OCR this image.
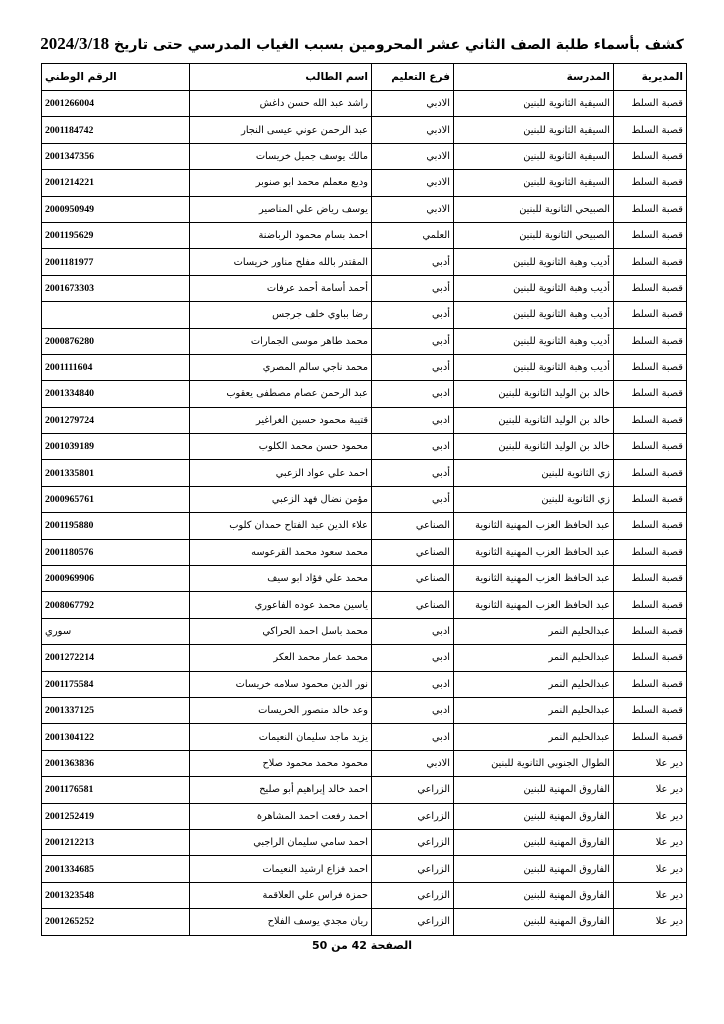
كشف بأسماء طلبة الصف الثاني عشر المحرومين بسبب الغياب المدرسي حتى تاريخ 2024/3/18
المديرية	المدرسة	فرع التعليم	اسم الطالب	الرقم الوطني
قصبة السلط	السيفية الثانوية للبنين	الادبي	راشد عبد الله حسن داغش	2001266004
قصبة السلط	السيفية الثانوية للبنين	الادبي	عبد الرحمن عوني عيسى النجار	2001184742
قصبة السلط	السيفية الثانوية للبنين	الادبي	مالك يوسف جميل خريسات	2001347356
قصبة السلط	السيفية الثانوية للبنين	الادبي	وديع معملم محمد ابو صنوبر	2001214221
قصبة السلط	الصبيحي الثانوية للبنين	الادبي	يوسف رياض علي المناصير	2000950949
قصبة السلط	الصبيحي الثانوية للبنين	العلمي	احمد بسام محمود الرباضنة	2001195629
قصبة السلط	أديب وهبة الثانوية للبنين	أدبي	المقتدر بالله مفلح مناور خريسات	2001181977
قصبة السلط	أديب وهبة الثانوية للبنين	أدبي	أحمد أسامة أحمد عرفات	2001673303
قصبة السلط	أديب وهبة الثانوية للبنين	أدبي	رضا بباوي خلف جرجس	
قصبة السلط	أديب وهبة الثانوية للبنين	أدبي	محمد طاهر موسى الجمارات	2000876280
قصبة السلط	أديب وهبة الثانوية للبنين	أدبي	محمد ناجي سالم المصري	2001111604
قصبة السلط	خالد بن الوليد الثانوية للبنين	ادبي	عبد الرحمن عصام مصطفى يعقوب	2001334840
قصبة السلط	خالد بن الوليد الثانوية للبنين	ادبي	قتيبة محمود حسين الغراغير	2001279724
قصبة السلط	خالد بن الوليد الثانوية للبنين	ادبي	محمود حسن محمد الكلوب	2001039189
قصبة السلط	زي الثانوية للبنين	أدبي	احمد علي عواد الزعبي	2001335801
قصبة السلط	زي الثانوية للبنين	أدبي	مؤمن نضال فهد الزعبي	2000965761
قصبة السلط	عبد الحافظ العزب المهنية الثانوية	الصناعي	علاء الدين عبد الفتاح حمدان كلوب	2001195880
قصبة السلط	عبد الحافظ العزب المهنية الثانوية	الصناعي	محمد سعود محمد القرعوسه	2001180576
قصبة السلط	عبد الحافظ العزب المهنية الثانوية	الصناعي	محمد علي فؤاد ابو سيف	2000969906
قصبة السلط	عبد الحافظ العزب المهنية الثانوية	الصناعي	ياسين محمد عوده الفاعوري	2008067792
قصبة السلط	عبدالحليم النمر	ادبي	محمد باسل احمد الحراكي	سوري
قصبة السلط	عبدالحليم النمر	ادبي	محمد عمار محمد العكر	2001272214
قصبة السلط	عبدالحليم النمر	ادبي	نور الدين محمود سلامه خريسات	2001175584
قصبة السلط	عبدالحليم النمر	ادبي	وعد خالد منصور الخريسات	2001337125
قصبة السلط	عبدالحليم النمر	ادبي	يزيد ماجد سليمان النعيمات	2001304122
دير علا	الطوال الجنوبي الثانوية للبنين	الادبي	محمود محمد محمود صلاح	2001363836
دير علا	الفاروق المهنية للبنين	الزراعي	احمد خالد إبراهيم أبو صليح	2001176581
دير علا	الفاروق المهنية للبنين	الزراعي	احمد رفعت احمد المشاهرة	2001252419
دير علا	الفاروق المهنية للبنين	الزراعي	احمد سامي سليمان الراجبي	2001212213
دير علا	الفاروق المهنية للبنين	الزراعي	احمد فزاع ارشيد النعيمات	2001334685
دير علا	الفاروق المهنية للبنين	الزراعي	حمزة فراس علي العلاقمة	2001323548
دير علا	الفاروق المهنية للبنين	الزراعي	ريان مجدي يوسف الفلاح	2001265252
الصفحة 42 من 50
